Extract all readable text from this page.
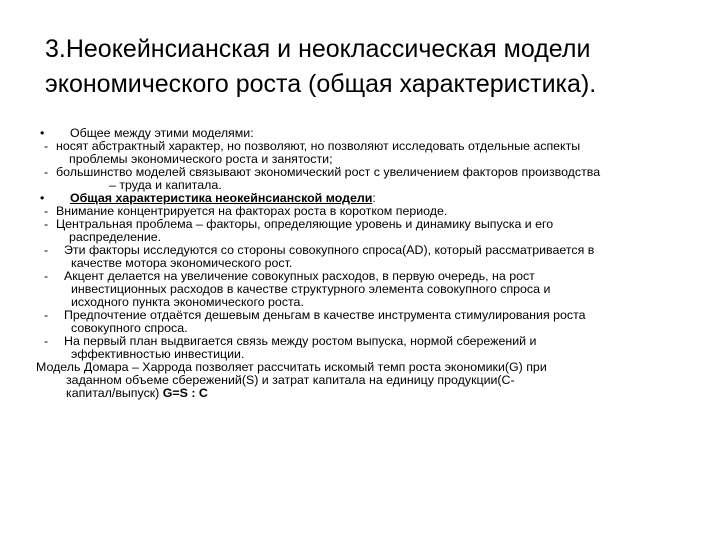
3.Неокейнсианская и неоклассическая модели
экономического роста (общая характеристика).
•	Общее между этими моделями:
- носят абстрактный характер, но позволяют, но позволяют исследовать отдельные аспекты
проблемы экономического роста и занятости;
- большинство моделей связывают экономический рост с увеличением факторов производства
– труда и капитала.
•	Общая характеристика неокейнсианской модели:
- Внимание концентрируется на факторах роста в коротком периоде.
- Центральная проблема – факторы, определяющие уровень и динамику выпуска и его
распределение.
-	Эти факторы исследуются со стороны совокупного спроса(AD), который рассматривается в
качестве мотора экономического рост.
-	Акцент делается на увеличение совокупных расходов, в первую очередь, на рост
инвестиционных расходов в качестве структурного элемента совокупного спроса и
исходного пункта экономического роста.
-	Предпочтение отдаётся дешевым деньгам в качестве инструмента стимулирования роста
совокупного спроса.
-	На первый план выдвигается связь между ростом выпуска, нормой сбережений и
эффективностью инвестиции.
Модель Домара – Харрода позволяет рассчитать искомый темп роста экономики(G) при
заданном объеме сбережений(S) и затрат капитала на единицу продукции(C-
капитал/выпуск) G=S : C
